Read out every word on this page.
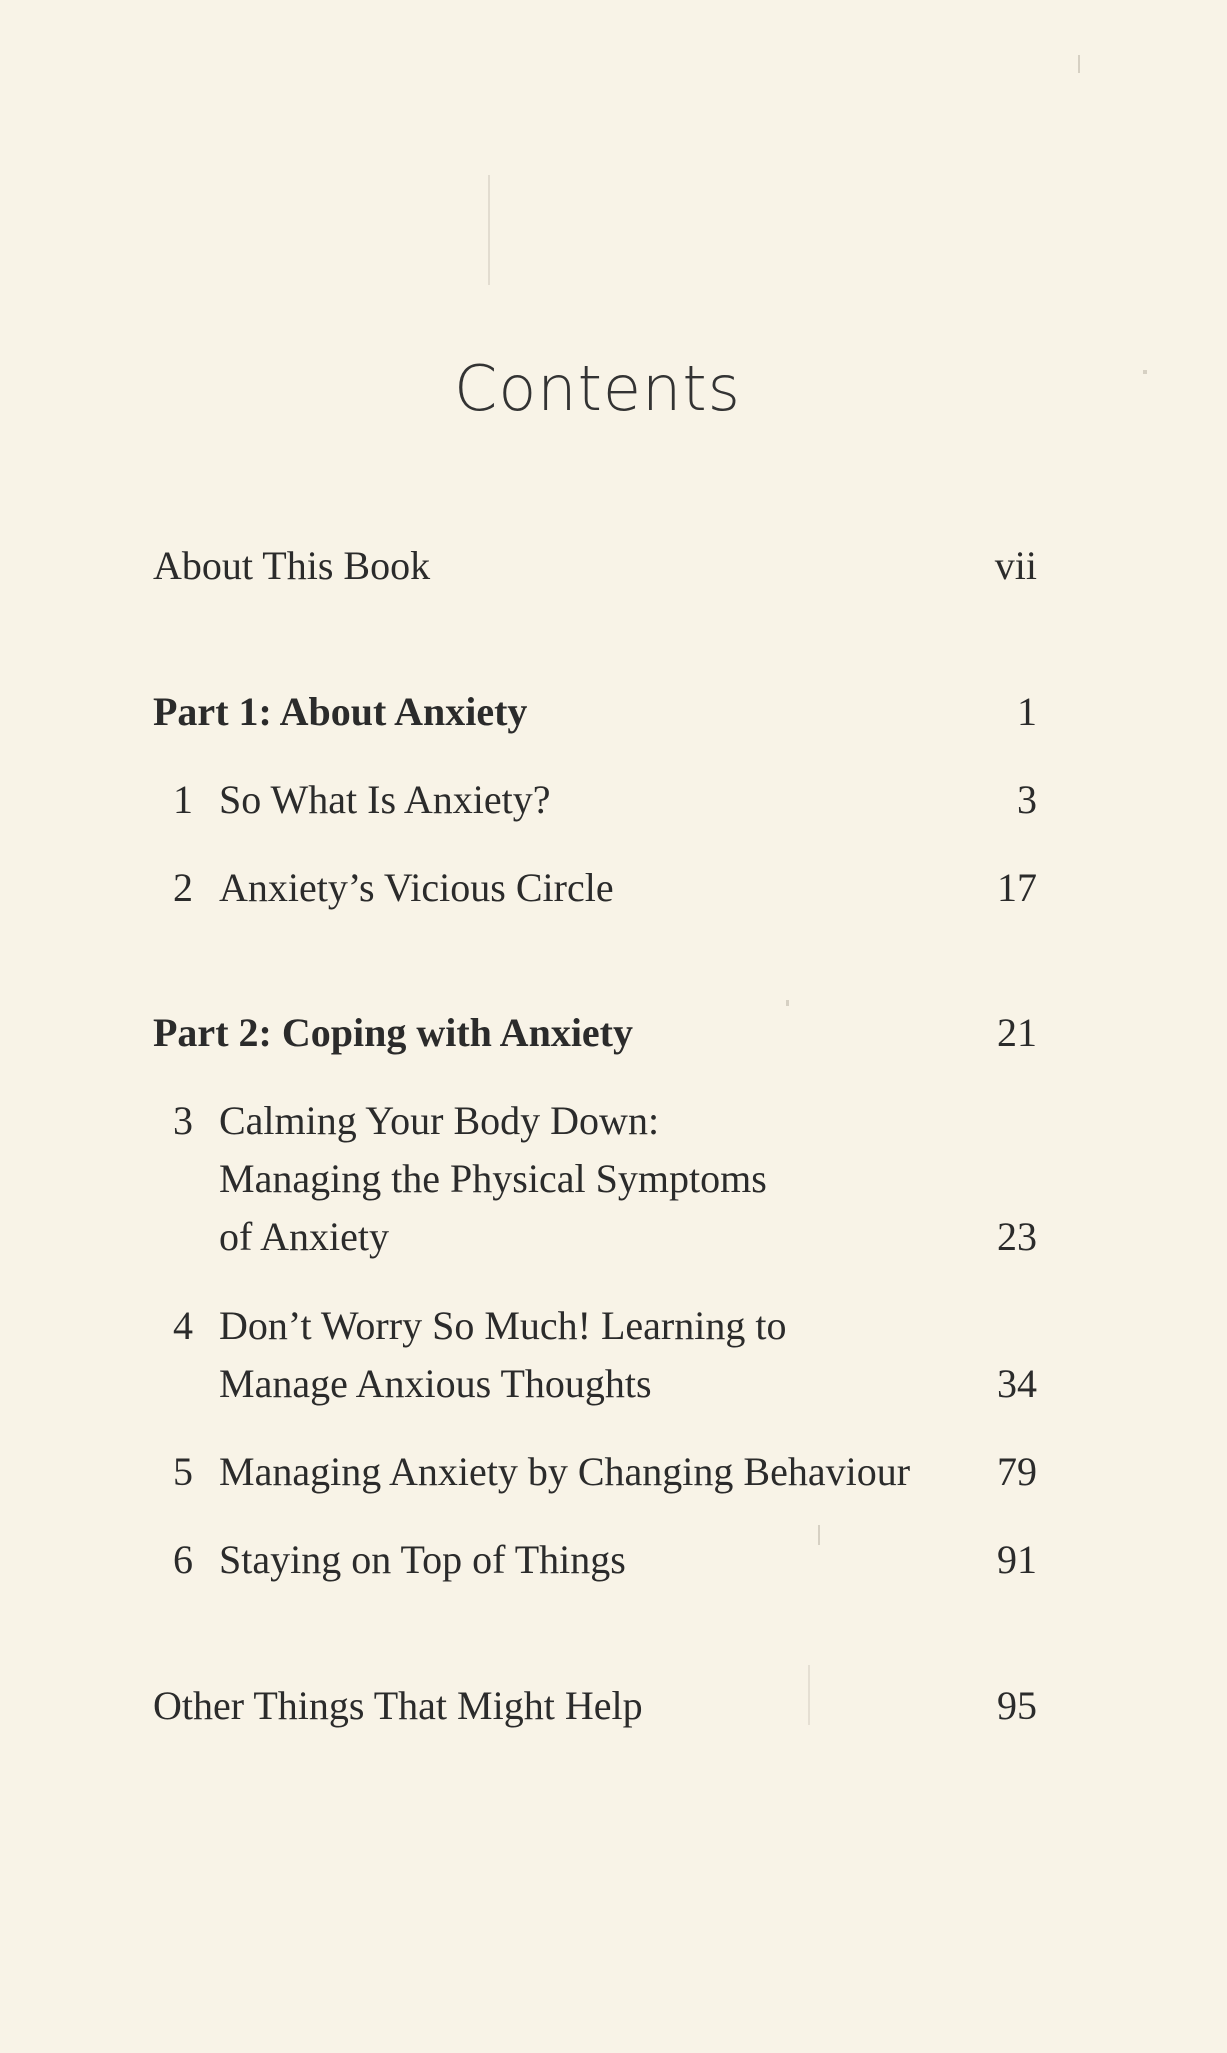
Contents
About This Book	vii
Part 1: About Anxiety	1
1 So What Is Anxiety?	3
2 Anxiety’s Vicious Circle	17
Part 2: Coping with Anxiety	21
3 Calming Your Body Down:
Managing the Physical Symptoms
of Anxiety	23
4 Don’t Worry So Much! Learning to
Manage Anxious Thoughts	34
5 Managing Anxiety by Changing Behaviour 79
6 Staying on Top of Things	91
Other Things That Might Help	95
